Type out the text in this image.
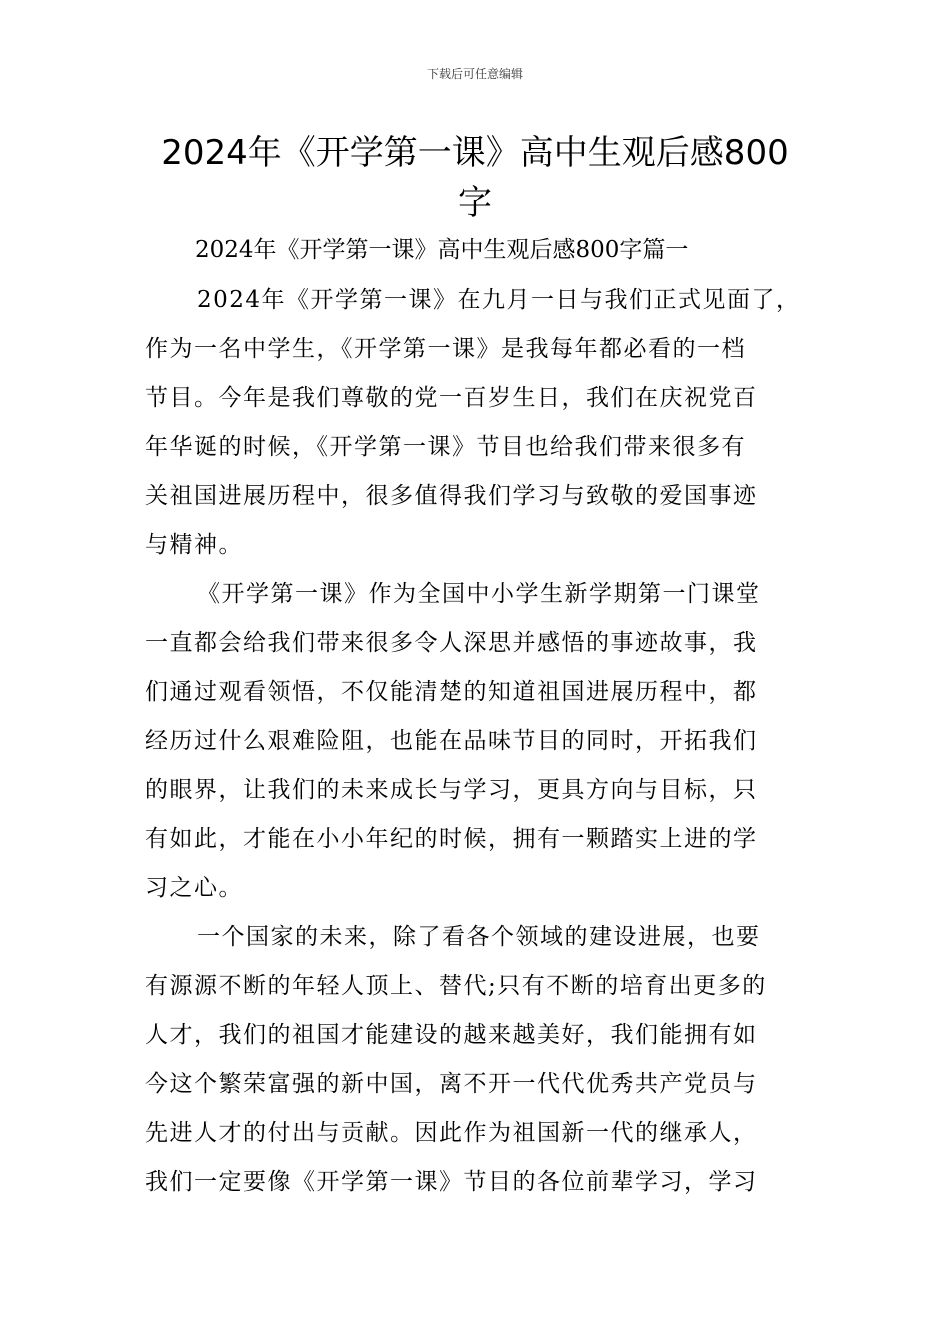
下载后可任意编辑
2024年《开学第一课》高中生观后感800
字
2024年《开学第一课》高中生观后感800字篇一
2024年《开学第一课》在九月一日与我们正式见面了，
作为一名中学生，《开学第一课》是我每年都必看的一档
节目。今年是我们尊敬的党一百岁生日，我们在庆祝党百
年华诞的时候，《开学第一课》节目也给我们带来很多有
关祖国进展历程中，很多值得我们学习与致敬的爱国事迹
与精神。
《开学第一课》作为全国中小学生新学期第一门课堂
一直都会给我们带来很多令人深思并感悟的事迹故事，我
们通过观看领悟，不仅能清楚的知道祖国进展历程中，都
经历过什么艰难险阻，也能在品味节目的同时，开拓我们
的眼界，让我们的未来成长与学习，更具方向与目标，只
有如此，才能在小小年纪的时候，拥有一颗踏实上进的学
习之心。
一个国家的未来，除了看各个领域的建设进展，也要
有源源不断的年轻人顶上、替代;只有不断的培育出更多的
人才，我们的祖国才能建设的越来越美好，我们能拥有如
今这个繁荣富强的新中国，离不开一代代优秀共产党员与
先进人才的付出与贡献。因此作为祖国新一代的继承人，
我们一定要像《开学第一课》节目的各位前辈学习，学习
